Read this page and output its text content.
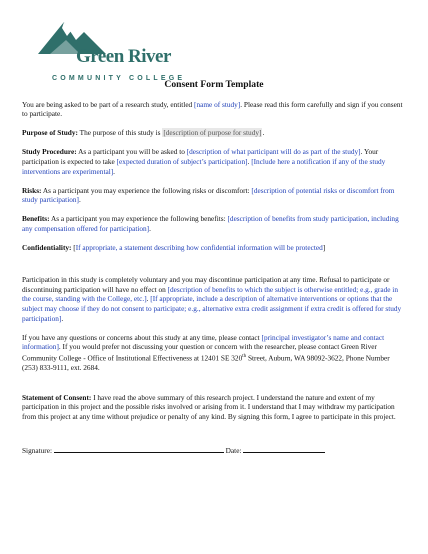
Green River
COMMUNITY COLLEGE
Consent Form Template

You are being asked to be part of a research study, entitled [name of study]. Please read this form carefully and sign if you consent to participate.

Purpose of Study: The purpose of this study is [description of purpose for study].

Study Procedure: As a participant you will be asked to [description of what participant will do as part of the study]. Your participation is expected to take [expected duration of subject’s participation]. [Include here a notification if any of the study interventions are experimental].

Risks: As a participant you may experience the following risks or discomfort: [description of potential risks or discomfort from study participation].

Benefits: As a participant you may experience the following benefits: [description of benefits from study participation, including any compensation offered for participation].

Confidentiality: [If appropriate, a statement describing how confidential information will be protected]

Participation in this study is completely voluntary and you may discontinue participation at any time. Refusal to participate or discontinuing participation will have no effect on [description of benefits to which the subject is otherwise entitled; e.g., grade in the course, standing with the College, etc.]. [If appropriate, include a description of alternative interventions or options that the subject may choose if they do not consent to participate; e.g., alternative extra credit assignment if extra credit is offered for study participation].

If you have any questions or concerns about this study at any time, please contact [principal investigator’s name and contact information]. If you would prefer not discussing your question or concern with the researcher, please contact Green River Community College - Office of Institutional Effectiveness at 12401 SE 320th Street, Auburn, WA 98092-3622, Phone Number (253) 833-9111, ext. 2684.

Statement of Consent: I have read the above summary of this research project. I understand the nature and extent of my participation in this project and the possible risks involved or arising from it. I understand that I may withdraw my participation from this project at any time without prejudice or penalty of any kind. By signing this form, I agree to participate in this project.

Signature:	Date:
